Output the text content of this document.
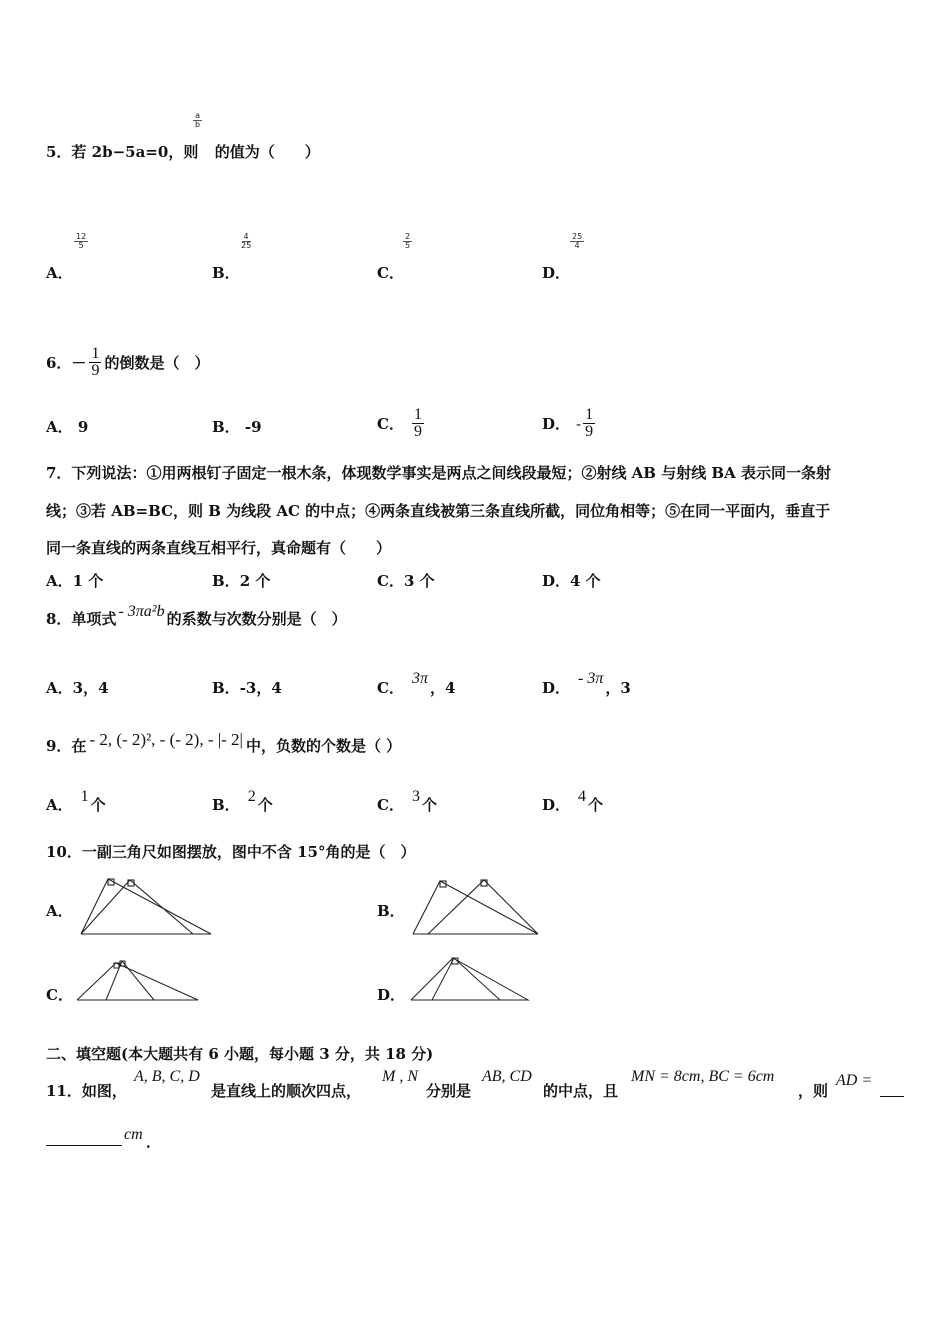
$\frac{a}{b}$
5．若 2b−5a=0，则 的值为（　　）
A．
$\frac{12}{5}$
B．
$\frac{4}{25}$
C．
$\frac{2}{5}$
D．
$\frac{25}{4}$
6．－ $\frac{1}{9}$ 的倒数是（　）
A． 9	B． -9	C． $\frac{1}{9}$	D． - $\frac{1}{9}$
7．下列说法：①用两根钉子固定一根木条，体现数学事实是两点之间线段最短；②射线 AB 与射线 BA 表示同一条射
线；③若 AB=BC，则 B 为线段 AC 的中点；④两条直线被第三条直线所截，同位角相等；⑤在同一平面内，垂直于
同一条直线的两条直线互相平行，真命题有（　　）
A．1 个	B．2 个	C．3 个	D．4 个
8．单项式 - 3πa²b 的系数与次数分别是（　）
A．3，4	B．-3，4	C．3π，4	D．- 3π，3
9．在 - 2, (- 2)², - (- 2), - |- 2| 中，负数的个数是（ ）
A． 1 个	B． 2 个	C． 3 个	D． 4 个
10．一副三角尺如图摆放，图中不含 15°角的是（　）
A．	B．
C．	D．
二、填空题(本大题共有 6 小题，每小题 3 分，共 18 分)
11．如图，
A, B, C, D
是直线上的顺次四点，
M , N
分别是
AB, CD
的中点，且
MN = 8cm, BC = 6cm
，则
AD =
cm ．
